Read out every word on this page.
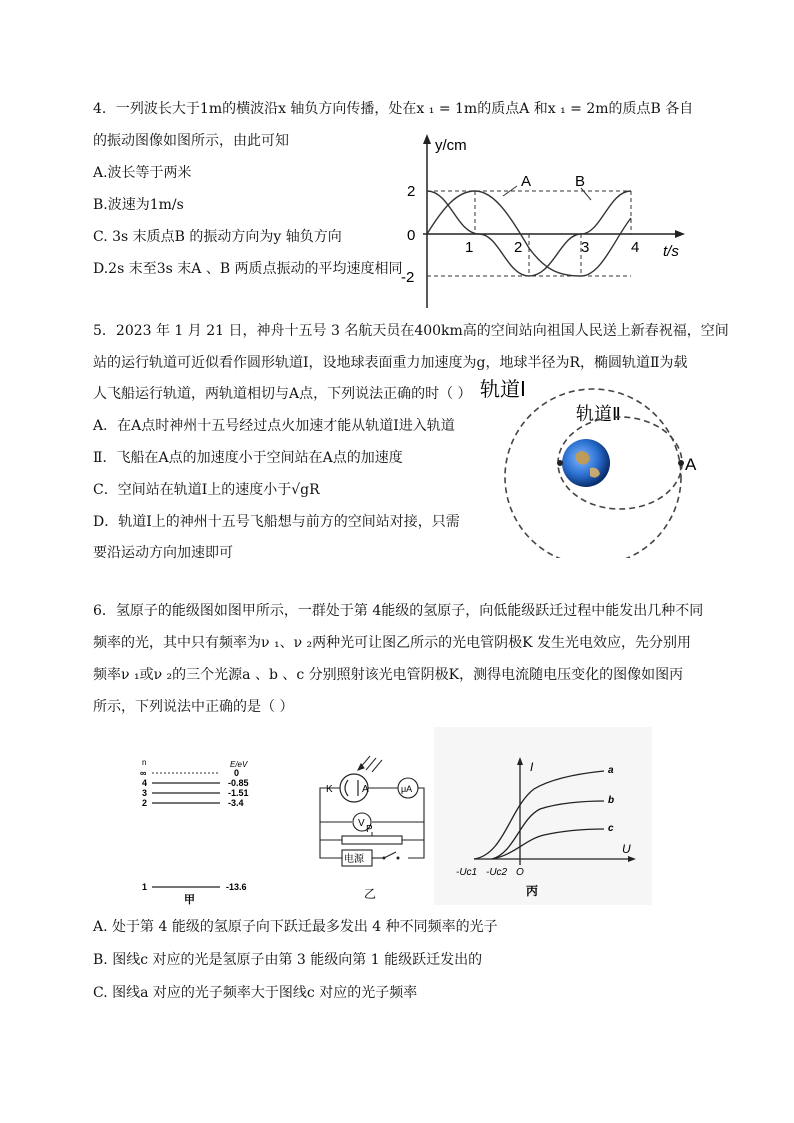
4．一列波长大于1m的横波沿x 轴负方向传播，处在x ₁ = 1m的质点A 和x ₁ = 2m的质点B 各自
的振动图像如图所示，由此可知
A.波长等于两米
B.波速为1m/s
C. 3s 末质点B 的振动方向为y 轴负方向
D.2s 末至3s 末A 、B 两质点振动的平均速度相同
y/cm
t/s
2
0
-2
1	2	3	4
A	B
5．2023 年 1 月 21 日，神舟十五号 3 名航天员在400km高的空间站向祖国人民送上新春祝福，空间
站的运行轨道可近似看作圆形轨道Ⅰ，设地球表面重力加速度为g，地球半径为R，椭圆轨道Ⅱ为载
人飞船运行轨道，两轨道相切与A点，下列说法正确的时（ ）
A．在A点时神州十五号经过点火加速才能从轨道Ⅰ进入轨道
Ⅱ．飞船在A点的加速度小于空间站在A点的加速度
C．空间站在轨道Ⅰ上的速度小于√gR
D．轨道Ⅰ上的神州十五号飞船想与前方的空间站对接，只需
要沿运动方向加速即可
轨道Ⅰ
轨道Ⅱ
A
6．氢原子的能级图如图甲所示，一群处于第 4能级的氢原子，向低能级跃迁过程中能发出几种不同
频率的光，其中只有频率为ν ₁、ν ₂两种光可让图乙所示的光电管阴极K 发生光电效应，先分别用
频率ν ₁或ν ₂的三个光源a 、b 、c 分别照射该光电管阴极K，测得电流随电压变化的图像如图丙
所示，下列说法中正确的是（ ）
n	E/eV
∞	0
4	-0.85
3	-1.51
2	-3.4
1	-13.6
甲
K	A	μA
V
P
电源
乙
I
U
O
-Uc1 -Uc2
a
b
c
丙
A. 处于第 4 能级的氢原子向下跃迁最多发出 4 种不同频率的光子
B. 图线c 对应的光是氢原子由第 3 能级向第 1 能级跃迁发出的
C. 图线a 对应的光子频率大于图线c 对应的光子频率
